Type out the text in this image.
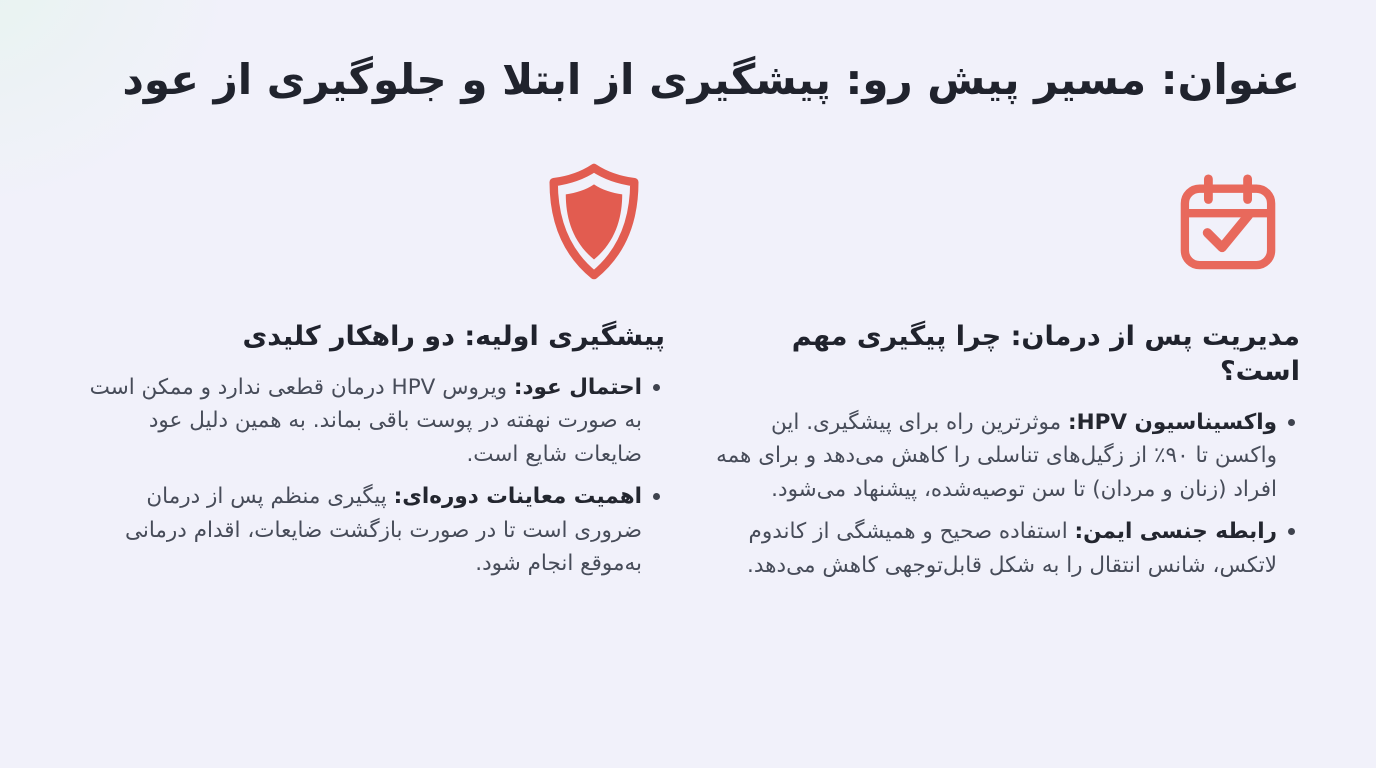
عنوان: مسیر پیش رو: پیشگیری از ابتلا و جلوگیری از عود
مدیریت پس از درمان: چرا پیگیری مهم است؟
واکسیناسیون HPV: موثرترین راه برای پیشگیری. این واکسن تا ۹۰٪ از زگیل‌های تناسلی را کاهش می‌دهد و برای همه افراد (زنان و مردان) تا سن توصیه‌شده، پیشنهاد می‌شود.
رابطه جنسی ایمن: استفاده صحیح و همیشگی از کاندوم لاتکس، شانس انتقال را به شکل قابل‌توجهی کاهش می‌دهد.
پیشگیری اولیه: دو راهکار کلیدی
احتمال عود: ویروس HPV درمان قطعی ندارد و ممکن است به صورت نهفته در پوست باقی بماند. به همین دلیل عود ضایعات شایع است.
اهمیت معاینات دوره‌ای: پیگیری منظم پس از درمان ضروری است تا در صورت بازگشت ضایعات، اقدام درمانی به‌موقع انجام شود.
